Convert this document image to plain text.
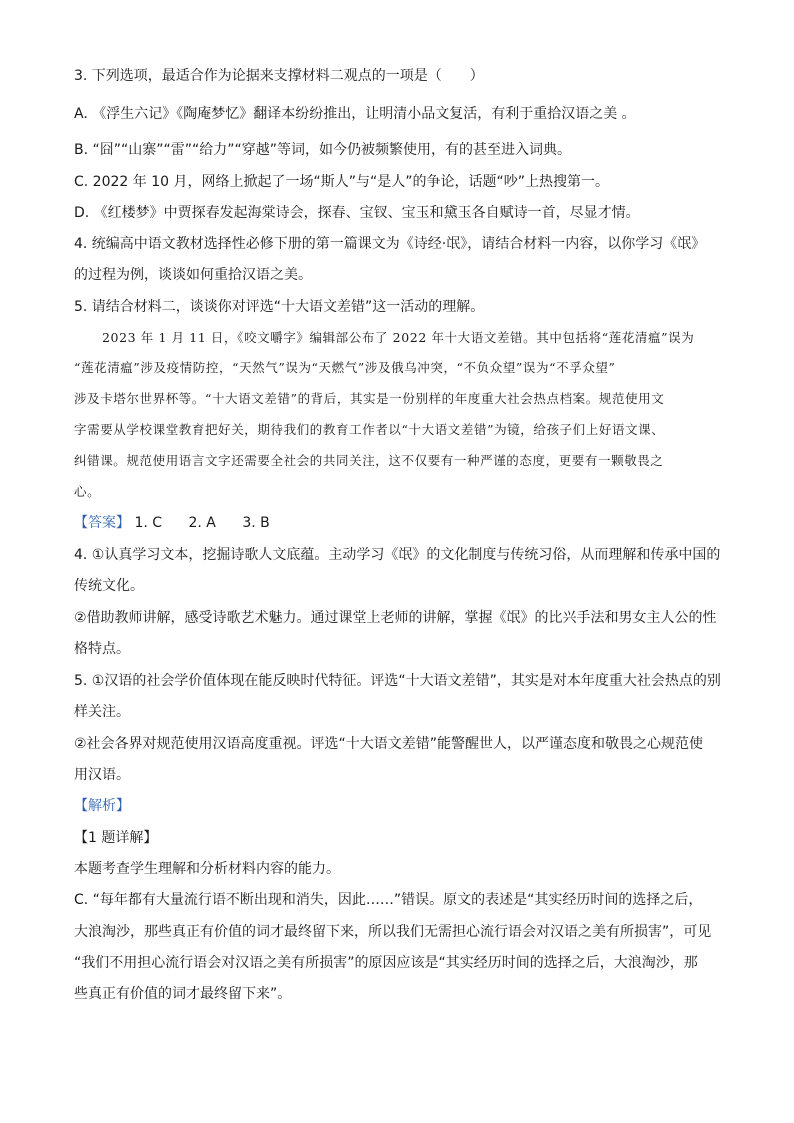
3. 下列选项，最适合作为论据来支撑材料二观点的一项是（　　）
A. 《浮生六记》《陶庵梦忆》翻译本纷纷推出，让明清小品文复活，有利于重拾汉语之美 。
B. “囧”“山寨”“雷”“给力”“穿越”等词，如今仍被频繁使用，有的甚至进入词典。
C. 2022 年 10 月，网络上掀起了一场“斯人”与“是人”的争论，话题“吵”上热搜第一。
D. 《红楼梦》中贾探春发起海棠诗会，探春、宝钗、宝玉和黛玉各自赋诗一首，尽显才情。
4. 统编高中语文教材选择性必修下册的第一篇课文为《诗经·氓》，请结合材料一内容，以你学习《氓》
的过程为例，谈谈如何重拾汉语之美。
5. 请结合材料二，谈谈你对评选“十大语文差错”这一活动的理解。
2023 年 1 月 11 日，《咬文嚼字》编辑部公布了 2022 年十大语文差错。其中包括将“莲花清瘟”误为
“莲花清瘟”涉及疫情防控，“天然气”误为“天燃气”涉及俄乌冲突，“不负众望”误为“不孚众望”
涉及卡塔尔世界杯等。“十大语文差错”的背后，其实是一份别样的年度重大社会热点档案。规范使用文
字需要从学校课堂教育把好关，期待我们的教育工作者以“十大语文差错”为镜，给孩子们上好语文课、
纠错课。规范使用语言文字还需要全社会的共同关注，这不仅要有一种严谨的态度，更要有一颗敬畏之
心。
【答案】 1. C 2. A 3. B
4. ①认真学习文本，挖掘诗歌人文底蕴。主动学习《氓》的文化制度与传统习俗，从而理解和传承中国的
传统文化。
②借助教师讲解，感受诗歌艺术魅力。通过课堂上老师的讲解，掌握《氓》的比兴手法和男女主人公的性
格特点。
5. ①汉语的社会学价值体现在能反映时代特征。评选“十大语文差错”，其实是对本年度重大社会热点的别
样关注。
②社会各界对规范使用汉语高度重视。评选“十大语文差错”能警醒世人，以严谨态度和敬畏之心规范使
用汉语。
【解析】
【1 题详解】
本题考查学生理解和分析材料内容的能力。
C. “每年都有大量流行语不断出现和消失，因此……”错误。原文的表述是“其实经历时间的选择之后，
大浪淘沙，那些真正有价值的词才最终留下来，所以我们无需担心流行语会对汉语之美有所损害”，可见
“我们不用担心流行语会对汉语之美有所损害”的原因应该是“其实经历时间的选择之后，大浪淘沙，那
些真正有价值的词才最终留下来”。
